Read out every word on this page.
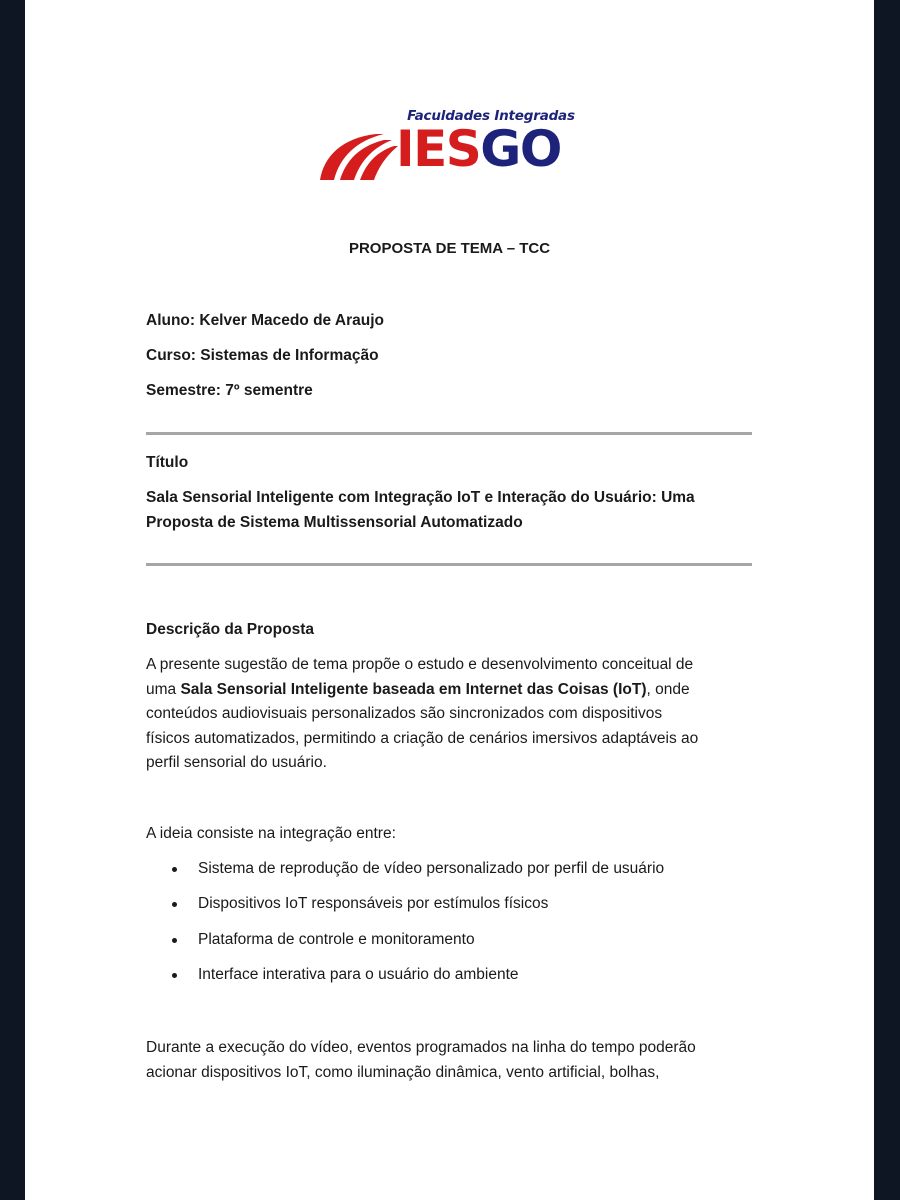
Faculdades Integradas
IESGO
PROPOSTA DE TEMA – TCC
Aluno: Kelver Macedo de Araujo
Curso: Sistemas de Informação
Semestre: 7º sementre
Título
Sala Sensorial Inteligente com Integração IoT e Interação do Usuário: Uma
Proposta de Sistema Multissensorial Automatizado
Descrição da Proposta
A presente sugestão de tema propõe o estudo e desenvolvimento conceitual de
uma Sala Sensorial Inteligente baseada em Internet das Coisas (IoT), onde
conteúdos audiovisuais personalizados são sincronizados com dispositivos
físicos automatizados, permitindo a criação de cenários imersivos adaptáveis ao
perfil sensorial do usuário.
A ideia consiste na integração entre:
Sistema de reprodução de vídeo personalizado por perfil de usuário
Dispositivos IoT responsáveis por estímulos físicos
Plataforma de controle e monitoramento
Interface interativa para o usuário do ambiente
Durante a execução do vídeo, eventos programados na linha do tempo poderão
acionar dispositivos IoT, como iluminação dinâmica, vento artificial, bolhas,
